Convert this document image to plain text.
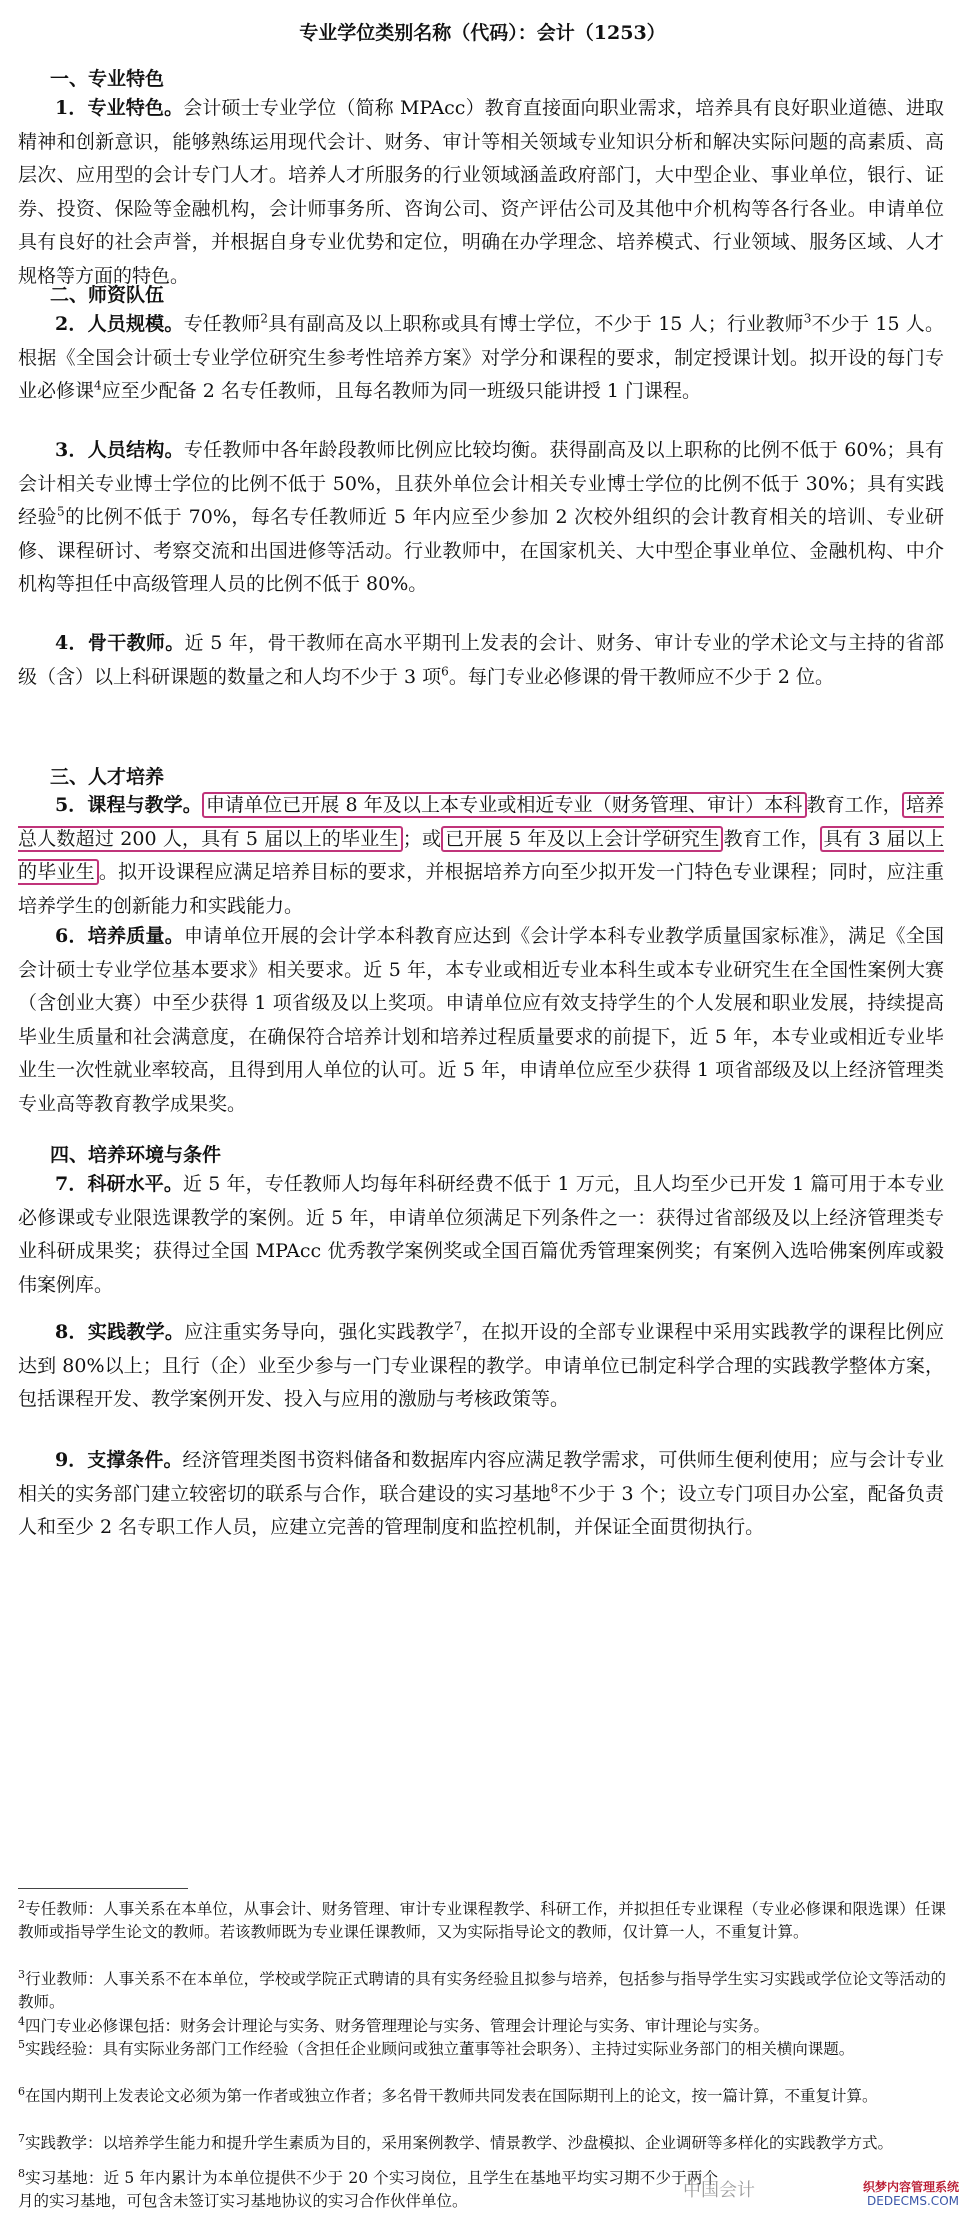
专业学位类别名称（代码）：会计（1253）
一、专业特色
1．专业特色。会计硕士专业学位（简称 MPAcc）教育直接面向职业需求，培养具有良好职业道德、进取精神和创新意识，能够熟练运用现代会计、财务、审计等相关领域专业知识分析和解决实际问题的高素质、高层次、应用型的会计专门人才。培养人才所服务的行业领域涵盖政府部门，大中型企业、事业单位，银行、证券、投资、保险等金融机构，会计师事务所、咨询公司、资产评估公司及其他中介机构等各行各业。申请单位具有良好的社会声誉，并根据自身专业优势和定位，明确在办学理念、培养模式、行业领域、服务区域、人才规格等方面的特色。
二、师资队伍
2．人员规模。专任教师$^2$具有副高及以上职称或具有博士学位，不少于 15 人；行业教师$^3$不少于 15 人。根据《全国会计硕士专业学位研究生参考性培养方案》对学分和课程的要求，制定授课计划。拟开设的每门专业必修课$^4$应至少配备 2 名专任教师，且每名教师为同一班级只能讲授 1 门课程。
3．人员结构。专任教师中各年龄段教师比例应比较均衡。获得副高及以上职称的比例不低于 60%；具有会计相关专业博士学位的比例不低于 50%，且获外单位会计相关专业博士学位的比例不低于 30%；具有实践经验$^5$的比例不低于 70%，每名专任教师近 5 年内应至少参加 2 次校外组织的会计教育相关的培训、专业研修、课程研讨、考察交流和出国进修等活动。行业教师中，在国家机关、大中型企事业单位、金融机构、中介机构等担任中高级管理人员的比例不低于 80%。
4．骨干教师。近 5 年，骨干教师在高水平期刊上发表的会计、财务、审计专业的学术论文与主持的省部级（含）以上科研课题的数量之和人均不少于 3 项$^6$。每门专业必修课的骨干教师应不少于 2 位。
三、人才培养
5．课程与教学。 申请单位已开展 8 年及以上本专业或相近专业（财务管理、审计）本科 教育工作， 培养总人数超过 200 人，具有 5 届以上的毕业生 ；或 已开展 5 年及以上会计学研究生 教育工作， 具有 3 届以上的毕业生 。拟开设课程应满足培养目标的要求，并根据培养方向至少拟开发一门特色专业课程；同时，应注重培养学生的创新能力和实践能力。
6．培养质量。申请单位开展的会计学本科教育应达到《会计学本科专业教学质量国家标准》，满足《全国会计硕士专业学位基本要求》相关要求。近 5 年，本专业或相近专业本科生或本专业研究生在全国性案例大赛（含创业大赛）中至少获得 1 项省级及以上奖项。申请单位应有效支持学生的个人发展和职业发展，持续提高毕业生质量和社会满意度，在确保符合培养计划和培养过程质量要求的前提下，近 5 年，本专业或相近专业毕业生一次性就业率较高，且得到用人单位的认可。近 5 年，申请单位应至少获得 1 项省部级及以上经济管理类专业高等教育教学成果奖。
四、培养环境与条件
7．科研水平。近 5 年，专任教师人均每年科研经费不低于 1 万元，且人均至少已开发 1 篇可用于本专业必修课或专业限选课教学的案例。近 5 年，申请单位须满足下列条件之一：获得过省部级及以上经济管理类专业科研成果奖；获得过全国 MPAcc 优秀教学案例奖或全国百篇优秀管理案例奖；有案例入选哈佛案例库或毅伟案例库。
8．实践教学。应注重实务导向，强化实践教学$^7$，在拟开设的全部专业课程中采用实践教学的课程比例应达到 80%以上；且行（企）业至少参与一门专业课程的教学。申请单位已制定科学合理的实践教学整体方案，包括课程开发、教学案例开发、投入与应用的激励与考核政策等。
9．支撑条件。经济管理类图书资料储备和数据库内容应满足教学需求，可供师生便利使用；应与会计专业相关的实务部门建立较密切的联系与合作，联合建设的实习基地$^8$不少于 3 个；设立专门项目办公室，配备负责人和至少 2 名专职工作人员，应建立完善的管理制度和监控机制，并保证全面贯彻执行。
$^2$专任教师：人事关系在本单位，从事会计、财务管理、审计专业课程教学、科研工作，并拟担任专业课程（专业必修课和限选课）任课教师或指导学生论文的教师。若该教师既为专业课任课教师，又为实际指导论文的教师，仅计算一人，不重复计算。
$^3$行业教师：人事关系不在本单位，学校或学院正式聘请的具有实务经验且拟参与培养，包括参与指导学生实习实践或学位论文等活动的教师。
$^4$四门专业必修课包括：财务会计理论与实务、财务管理理论与实务、管理会计理论与实务、审计理论与实务。
$^5$实践经验：具有实际业务部门工作经验（含担任企业顾问或独立董事等社会职务）、主持过实际业务部门的相关横向课题。
$^6$在国内期刊上发表论文必须为第一作者或独立作者；多名骨干教师共同发表在国际期刊上的论文，按一篇计算，不重复计算。
$^7$实践教学：以培养学生能力和提升学生素质为目的，采用案例教学、情景教学、沙盘模拟、企业调研等多样化的实践教学方式。
$^8$实习基地：近 5 年内累计为本单位提供不少于 20 个实习岗位，且学生在基地平均实习期不少于两个月的实习基地，可包含未签订实习基地协议的实习合作伙伴单位。	中国会计	织梦内容管理系统
DEDECMS.COM
